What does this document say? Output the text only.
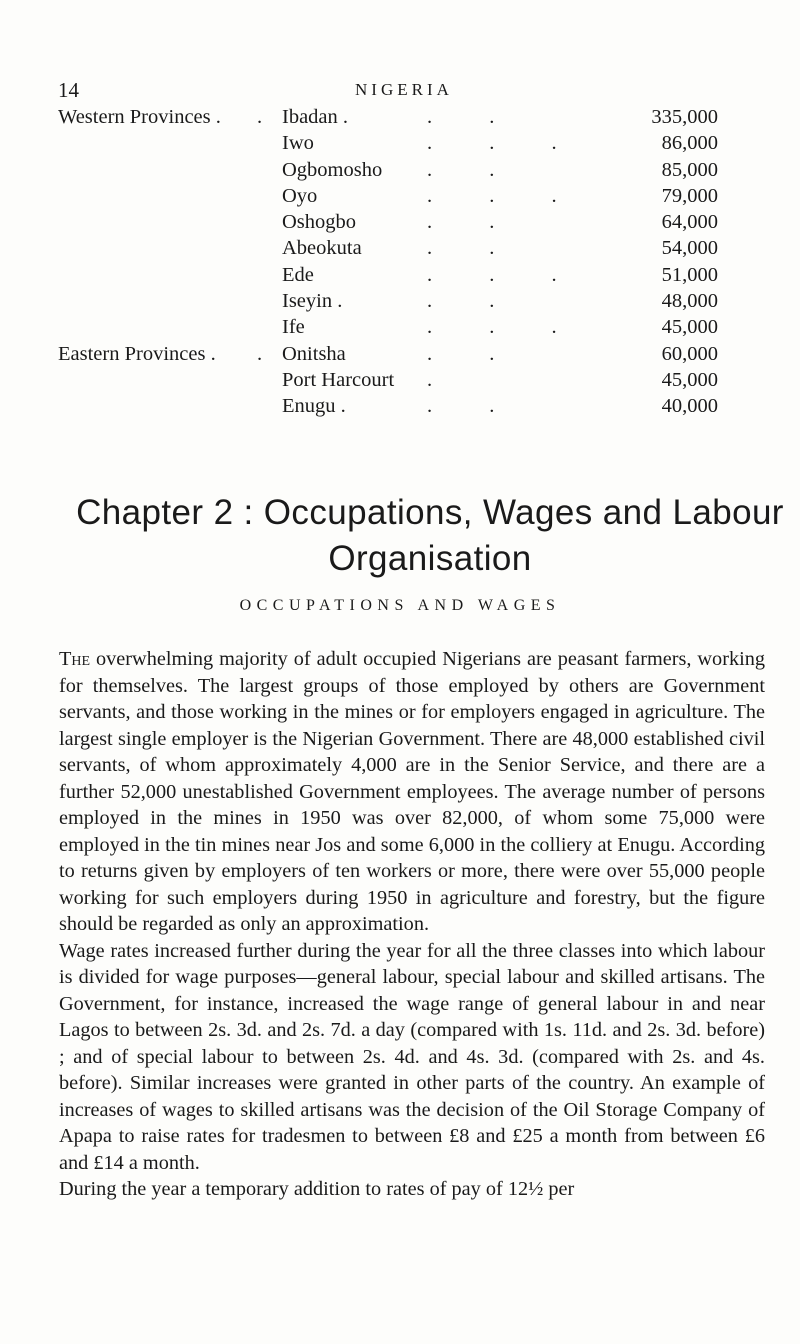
14	NIGERIA
Western Provinces . . Ibadan .	. .	335,000
Iwo	. . .	86,000
Ogbomosho . .	85,000
Oyo	. . .	79,000
Oshogbo	. .	64,000
Abeokuta	. .	54,000
Ede	. . .	51,000
Iseyin .	. .	48,000
Ife	. . .	45,000
Eastern Provinces . . Onitsha	. .	60,000
Port Harcourt .	45,000
Enugu .	. .	40,000
Chapter 2 : Occupations, Wages and Labour
Organisation
OCCUPATIONS AND WAGES

The overwhelming majority of adult occupied Nigerians are peasant farmers, working for themselves. The largest groups of those employed by others are Government servants, and those working in the mines or for employers engaged in agriculture. The largest single employer is the Nigerian Government. There are 48,000 established civil servants, of whom approximately 4,000 are in the Senior Service, and there are a further 52,000 unestablished Government employees. The average number of persons employed in the mines in 1950 was over 82,000, of whom some 75,000 were employed in the tin mines near Jos and some 6,000 in the colliery at Enugu. According to returns given by employers of ten workers or more, there were over 55,000 people working for such employers during 1950 in agriculture and forestry, but the figure should be regarded as only an approximation.

Wage rates increased further during the year for all the three classes into which labour is divided for wage purposes—general labour, special labour and skilled artisans. The Government, for instance, increased the wage range of general labour in and near Lagos to between 2s. 3d. and 2s. 7d. a day (compared with 1s. 11d. and 2s. 3d. before) ; and of special labour to between 2s. 4d. and 4s. 3d. (compared with 2s. and 4s. before). Similar increases were granted in other parts of the country. An example of increases of wages to skilled artisans was the decision of the Oil Storage Company of Apapa to raise rates for tradesmen to between £8 and £25 a month from between £6 and £14 a month.

During the year a temporary addition to rates of pay of 12½ per
